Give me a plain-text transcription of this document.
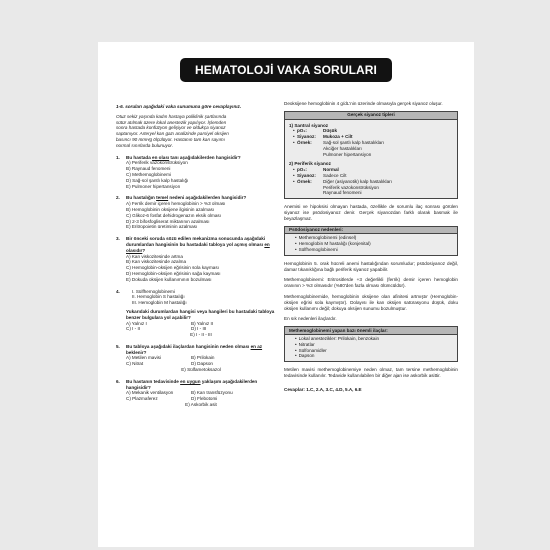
HEMATOLOJİ VAKA SORULARI
1-6. soruları aşağıdaki vaka sunumuna göre cevaplayınız.
Otuz sekiz yaşında kadın hastaya poliklinik şartlarında
sütür atılmak üzere lokal anestezik yapılıyor. İşlemden
sonra hastada konfüzyon gelişiyor ve oldukça siyanoz
saptanıyor. Arteryel kan gazı analizinde parsiyel oksijen
basıncı 90 mmHg ölçülüyor. Hastanın tam kan sayımı
normal sınırlarda bulunuyor.
1.	Bu hastada en olası tanı aşağıdakilerden hangisidir?
A) Periferik vazokonstrüksiyon
B) Raynaud fenomeni
C) Methemoglobinemi
D) Sağ-sol şantlı kalp hastalığı
E) Pulmoner hipertansiyon
2.	Bu hastalığın temel nedeni aşağıdakilerden hangisidir?
A) Ferrik demir içeren hemoglobinin > %3 olması
B) Hemoglobinin oksijene ilgisinin azalması
C) Glikoz-6 fosfat dehidrogenazın eksik olması
D) 2-3 bifosfogliserat miktarının azalması
E) Eritropoietin üretiminin azalması
3.	Bir önceki soruda sözü edilen mekanizma sonucunda aşağıdaki durumlardan hangisinin bu hastadaki tabloya yol açmış olması en olasıdır?
A) Kan viskozitesinde artma
B) Kan viskozitesinde azalma
C) Hemoglobin-oksijen eğrisinin sola kayması
D) Hemoglobin-oksijen eğrisinin sağa kayması
E) Dokuda oksijen kullanımının bozulması
4.	I. Sülfhemoglobinemi
II. Hemoglobin S hastalığı
III. Hemoglobin M hastalığı
Yukarıdaki durumlardan hangisi veya hangileri bu hastadaki tabloya benzer bulgulara yol açabilir?
A) Yalnız I	B) Yalnız II
C) I - II	D) I - III
E) I - II - III
5.	Bu tabloya aşağıdaki ilaçlardan hangisinin neden olması en az beklenir?
A) Metilen mavisi	B) Prilokain
C) Nitrat	D) Dapson
E) Sülfametoksazol
6.	Bu hastanın tedavisinde en uygun yaklaşım aşağıdakilerden hangisidir?
A) Mekanik ventilasyon	B) Kan transfüzyonu
C) Plazmaferez	D) Flebotomi
E) Askorbik asit
Deoksijene hemoglobinin 4 g/dL'nin üzerinde olmasıyla gerçek siyanoz oluşur.
Gerçek siyanoz tipleri
1) Santral siyanoz
• pO₂:	Düşük
• Siyanoz:	Mukoza + Cilt
• Örnek:	Sağ-sol şantlı kalp hastalıkları
Akciğer hastalıkları
Pulmoner hipertansiyon
2) Periferik siyanoz
• pO₂:	Normal
• Siyanoz:	Sadece Cilt
• Örnek:	Diğer (asiyanotik) kalp hastalıkları
Periferik vazokonstrüksiyon
Raynaud fenomeni
Anemisi ve hipoksisi olmayan hastada, özellikle de sorumlu ilaç sonrası görülen siyanoz ise psödosiyanoz denir. Gerçek siyanozdan farklı olarak basmak ile beyazlaşmaz.
Psödosiyanoz nedenleri:
• Methemoglobinemi (edinsel)
• Hemoglobin M hastalığı (konjenital)
• Sülfhemoglobinemi
Hemoglobinin 5. orak hücreli anemi hastalığından sorumludur; psödosiyanoz değil, damar tıkanıklığına bağlı periferik siyanoz yapabilir.
Methemoglobinemi: Eritrositlerde +3 değerlikli (ferrik) demir içeren hemoglobin oranının > %3 olmasıdır (%80'den fazla olması ölümcüldür).
Methemoglobinemide, hemoglobinin oksijene olan afinitesi artmıştır (Hemoglobin-oksijen eğrisi sola kaymıştır). Dolayısı ile kan oksijen satürasyonu düşük, doku oksijen kullanımı değil; dokuya oksijen sunumu bozulmuştur.
En sık nedenleri ilaçlardır.
Methemoglobinemi yapan bazı önemli ilaçlar:
• Lokal anestezikler: Prilokain, benzokain
• Nitratlar
• Sülfonamidler
• Dapson
Metilen mavisi methemoglobinemiye neden olmaz, tam tersine methemoglobinin tedavisinde kullanılır. Tedavide kullanılabilen bir diğer ajan ise askorbik asittir.
Cevaplar: 1.C, 2.A, 3.C, 4.D, 5.A, 6.E
